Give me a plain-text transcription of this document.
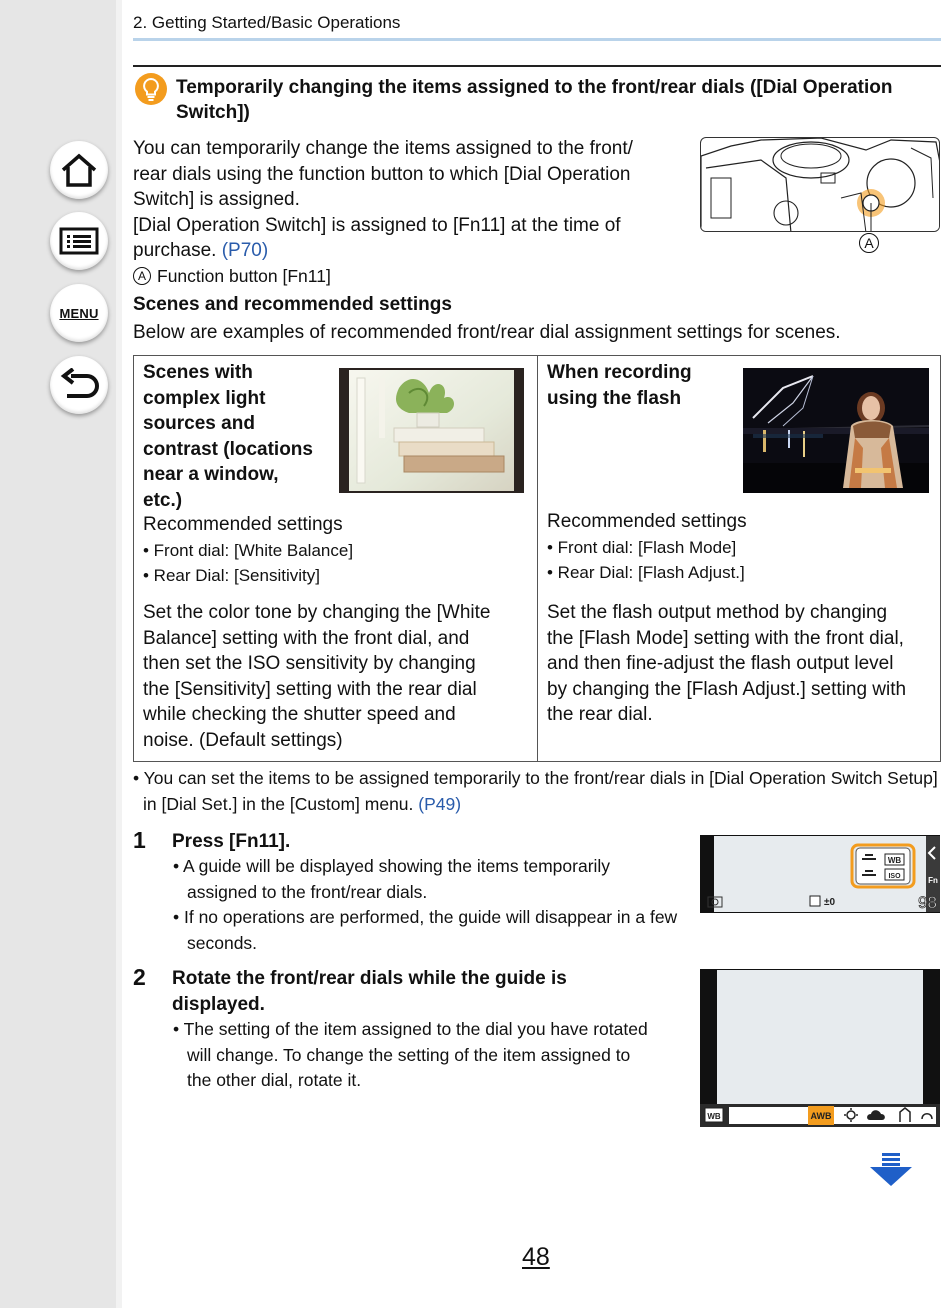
MENU
2. Getting Started/Basic Operations
Temporarily changing the items assigned to the front/rear dials ([Dial Operation Switch])
You can temporarily change the items assigned to the front/
rear dials using the function button to which [Dial Operation
Switch] is assigned.
[Dial Operation Switch] is assigned to [Fn11] at the time of
purchase. (P70)
A Function button [Fn11]
A
Scenes and recommended settings
Below are examples of recommended front/rear dial assignment settings for scenes.
Scenes with
complex light
sources and
contrast (locations
near a window,
etc.)
Recommended settings
• Front dial: [White Balance]
• Rear Dial: [Sensitivity]
Set the color tone by changing the [White
Balance] setting with the front dial, and
then set the ISO sensitivity by changing
the [Sensitivity] setting with the rear dial
while checking the shutter speed and
noise. (Default settings)
When recording
using the flash
Recommended settings
• Front dial: [Flash Mode]
• Rear Dial: [Flash Adjust.]
Set the flash output method by changing
the [Flash Mode] setting with the front dial,
and then fine-adjust the flash output level
by changing the [Flash Adjust.] setting with
the rear dial.
• You can set the items to be assigned temporarily to the front/rear dials in [Dial Operation Switch Setup] in [Dial Set.] in the [Custom] menu. (P49)
1 Press [Fn11].
• A guide will be displayed showing the items temporarily assigned to the front/rear dials.
• If no operations are performed, the guide will disappear in a few seconds.
WB
ISO	Fn
±0	98
2 Rotate the front/rear dials while the guide is
displayed.
• The setting of the item assigned to the dial you have rotated will change. To change the setting of the item assigned to the other dial, rotate it.
WB	AWB
48
